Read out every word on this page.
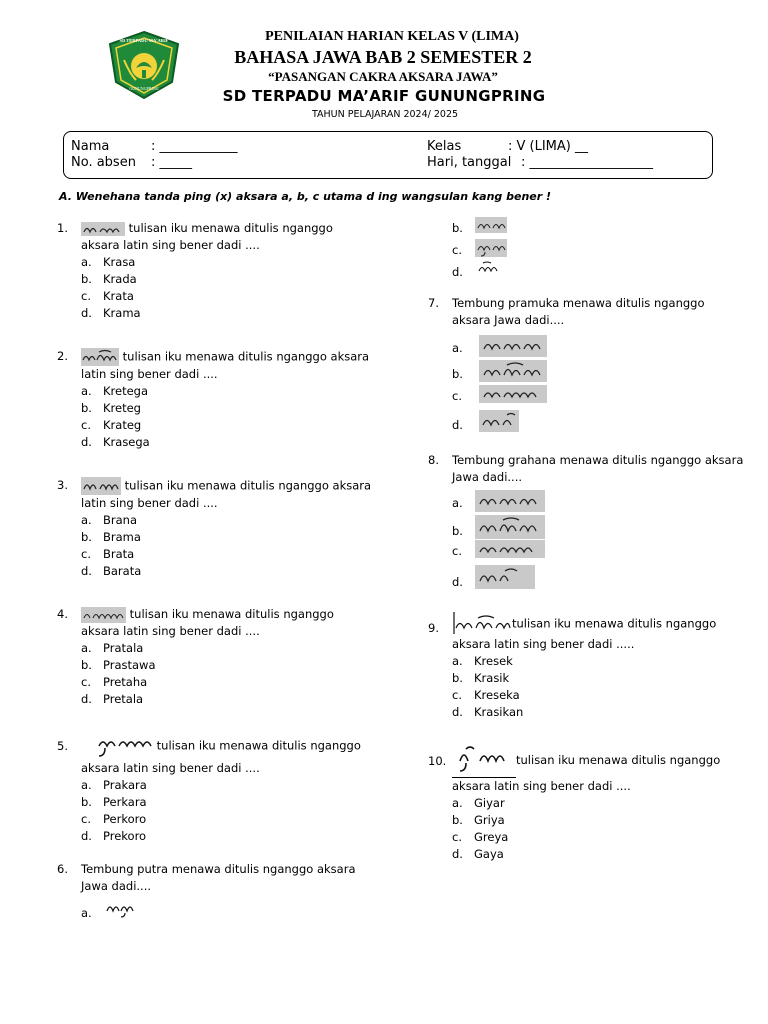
SD TERPADU MA'ARIF
GUNUNGPRING
PENILAIAN HARIAN KELAS V (LIMA)
BAHASA JAWA BAB 2 SEMESTER 2
“PASANGAN CAKRA AKSARA JAWA”
SD TERPADU MA’ARIF GUNUNGPRING
TAHUN PELAJARAN 2024/ 2025
Nama	: ____________
No. absen : _____
Kelas	: V (LIMA) __
Hari, tanggal : ___________________
A. Wenehana tanda ping (x) aksara a, b, c utama d ing wangsulan kang bener !
1.	tulisan iku menawa ditulis nganggo
aksara latin sing bener dadi ....
a. Krasa
b. Krada
c. Krata
d. Krama
2.	tulisan iku menawa ditulis nganggo aksara
latin sing bener dadi ....
a. Kretega
b. Kreteg
c. Krateg
d. Krasega
3.	tulisan iku menawa ditulis nganggo aksara
latin sing bener dadi ....
a. Brana
b. Brama
c. Brata
d. Barata
4.	tulisan iku menawa ditulis nganggo
aksara latin sing bener dadi ....
a. Pratala
b. Prastawa
c. Pretaha
d. Pretala
5.	tulisan iku menawa ditulis nganggo
aksara latin sing bener dadi ....
a. Prakara
b. Perkara
c. Perkoro
d. Prekoro
6. Tembung putra menawa ditulis nganggo aksara
Jawa dadi....
a.
b.
c.
d.
7. Tembung pramuka menawa ditulis nganggo
aksara Jawa dadi....
a.
b.
c.
d.
8. Tembung grahana menawa ditulis nganggo aksara
Jawa dadi....
a.
b.
c.
d.
9.	tulisan iku menawa ditulis nganggo
aksara latin sing bener dadi .....
a. Kresek
b. Krasik
c. Kreseka
d. Krasikan
10.	tulisan iku menawa ditulis nganggo
aksara latin sing bener dadi ....
a. Giyar
b. Griya
c. Greya
d. Gaya
